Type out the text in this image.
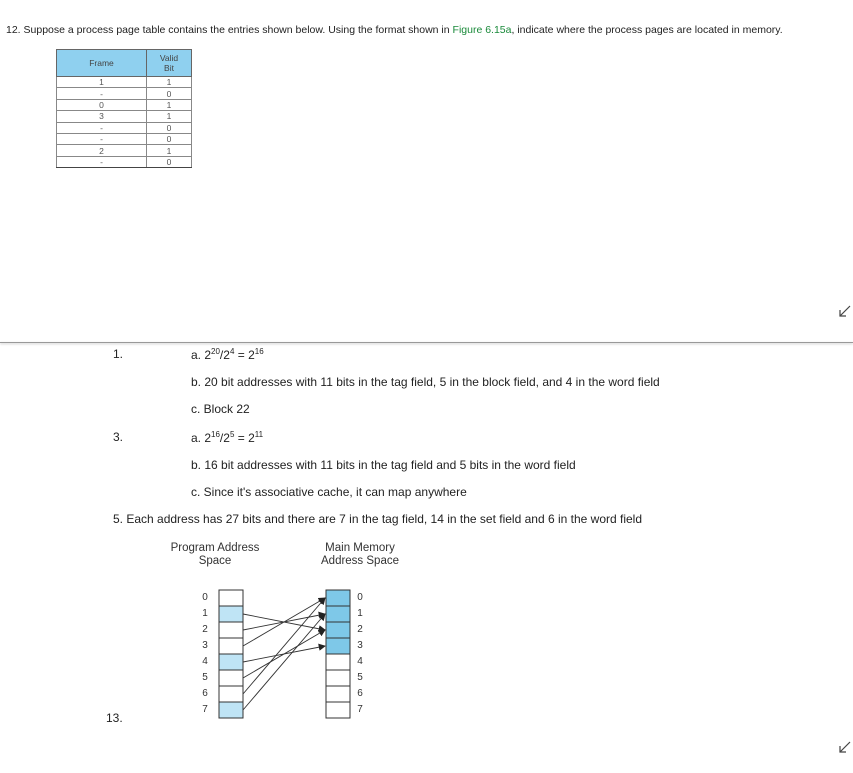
12. Suppose a process page table contains the entries shown below. Using the format shown in Figure 6.15a, indicate where the process pages are located in memory.
Frame	Valid
Bit
1	1
-	0
0	1
3	1
-	0
-	0
2	1
-	0
1.	a. $2^{20}/2^4 = 2^{16}$
b. 20 bit addresses with 11 bits in the tag field, 5 in the block field, and 4 in the word field
c. Block 22
3.	a. $2^{16}/2^5 = 2^{11}$
b. 16 bit addresses with 11 bits in the tag field and 5 bits in the word field
c. Since it's associative cache, it can map anywhere
5. Each address has 27 bits and there are 7 in the tag field, 14 in the set field and 6 in the word field
Program Address
Space
Main Memory
Address Space
0
1
2
3
4
5
6
7
0
1
2
3
4
5
6
7
13.
